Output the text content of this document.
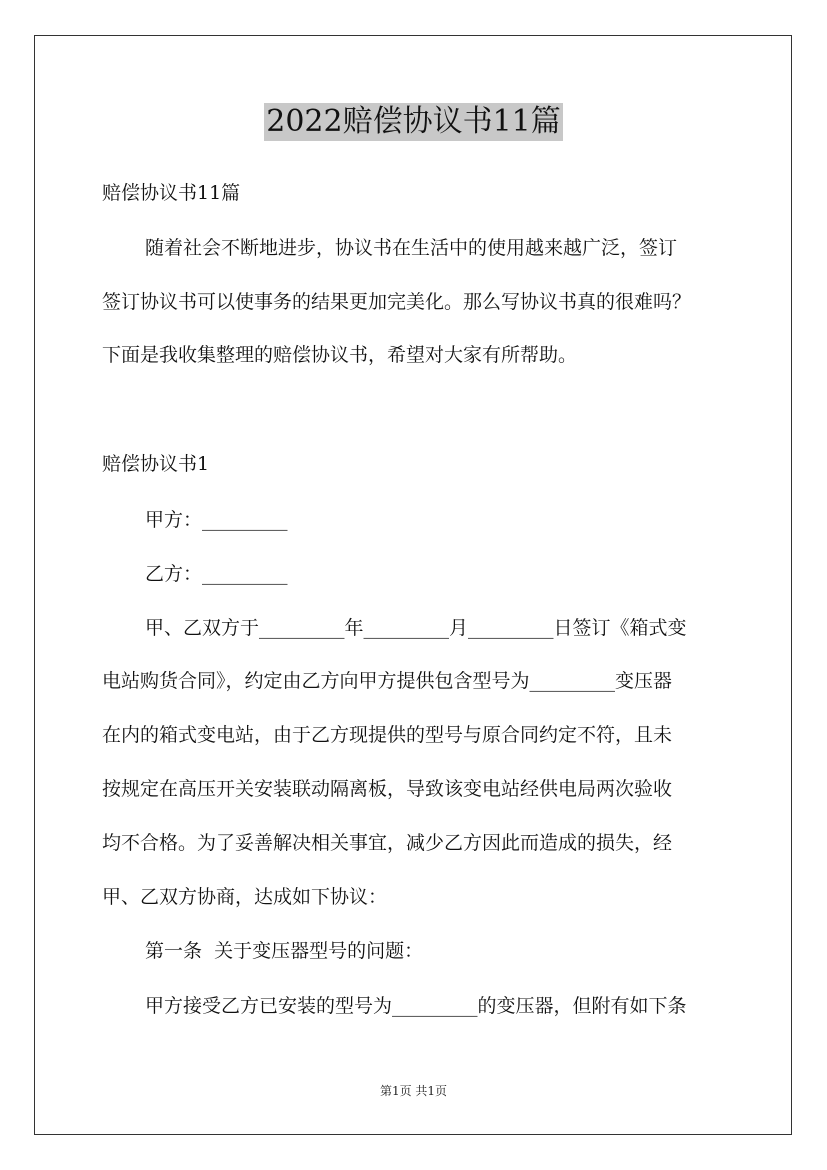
2022赔偿协议书11篇
赔偿协议书11篇
随着社会不断地进步，协议书在生活中的使用越来越广泛，签订
签订协议书可以使事务的结果更加完美化。那么写协议书真的很难吗？
下面是我收集整理的赔偿协议书，希望对大家有所帮助。
赔偿协议书1
甲方：_________
乙方：_________
甲、乙双方于_________年_________月_________日签订《箱式变
电站购货合同》，约定由乙方向甲方提供包含型号为_________变压器
在内的箱式变电站，由于乙方现提供的型号与原合同约定不符，且未
按规定在高压开关安装联动隔离板，导致该变电站经供电局两次验收
均不合格。为了妥善解决相关事宜，减少乙方因此而造成的损失，经
甲、乙双方协商，达成如下协议：
第一条  关于变压器型号的问题：
甲方接受乙方已安装的型号为_________的变压器，但附有如下条
第1页 共1页
